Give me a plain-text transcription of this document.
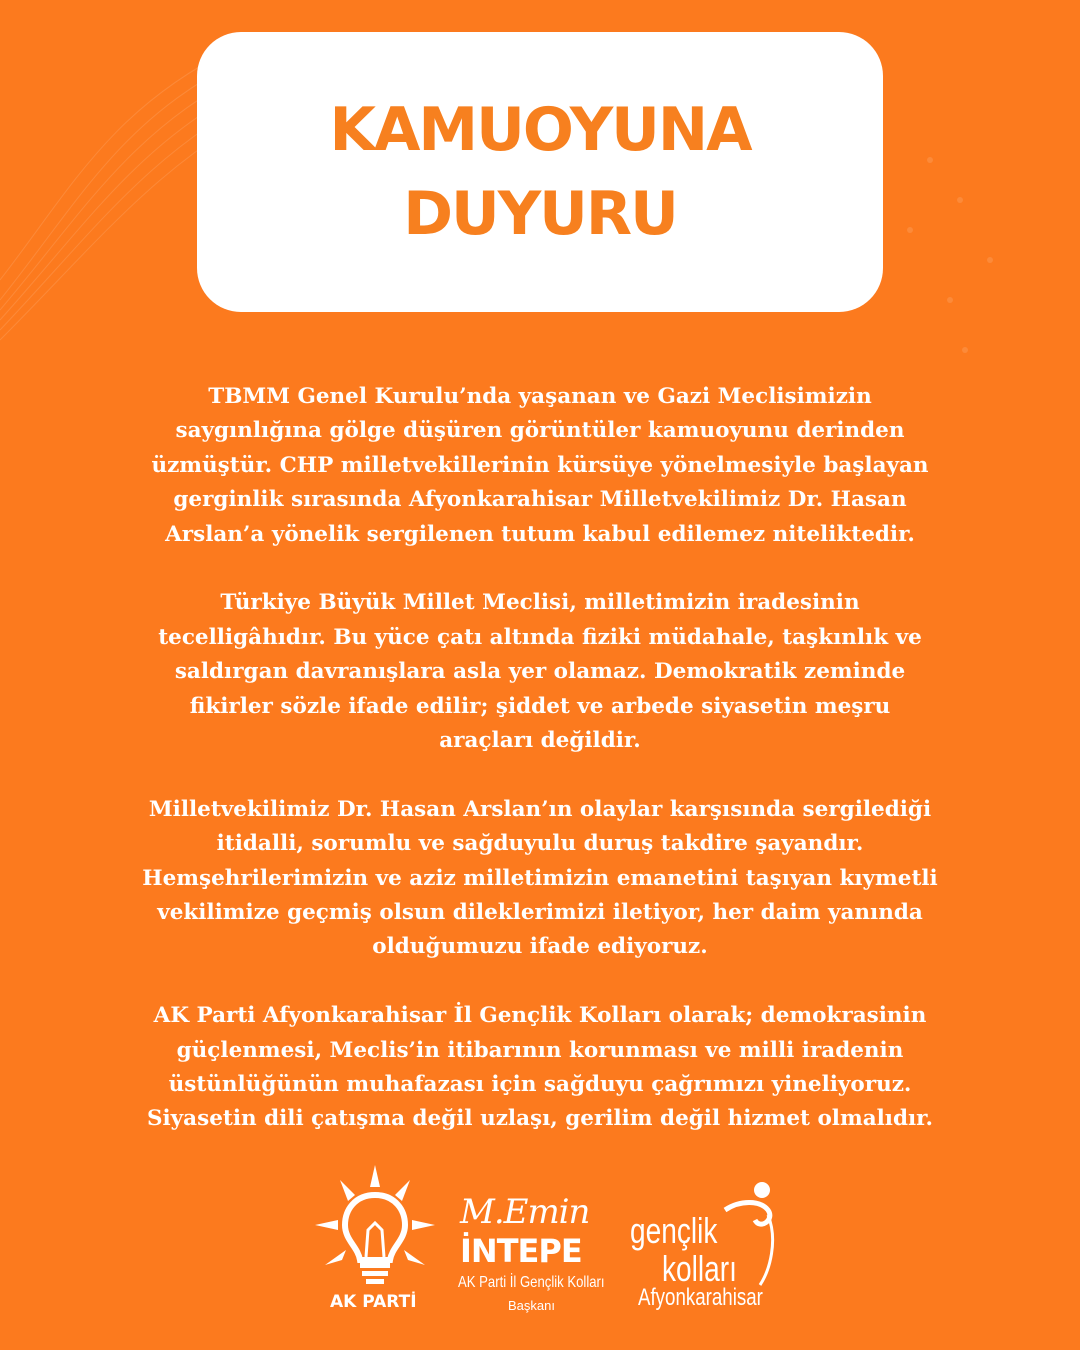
KAMUOYUNA
DUYURU
TBMM Genel Kurulu’nda yaşanan ve Gazi Meclisimizin
saygınlığına gölge düşüren görüntüler kamuoyunu derinden
üzmüştür. CHP milletvekillerinin kürsüye yönelmesiyle başlayan
gerginlik sırasında Afyonkarahisar Milletvekilimiz Dr. Hasan
Arslan’a yönelik sergilenen tutum kabul edilemez niteliktedir.
Türkiye Büyük Millet Meclisi, milletimizin iradesinin
tecelligâhıdır. Bu yüce çatı altında fiziki müdahale, taşkınlık ve
saldırgan davranışlara asla yer olamaz. Demokratik zeminde
fikirler sözle ifade edilir; şiddet ve arbede siyasetin meşru
araçları değildir.
Milletvekilimiz Dr. Hasan Arslan’ın olaylar karşısında sergilediği
itidalli, sorumlu ve sağduyulu duruş takdire şayandır.
Hemşehrilerimizin ve aziz milletimizin emanetini taşıyan kıymetli
vekilimize geçmiş olsun dileklerimizi iletiyor, her daim yanında
olduğumuzu ifade ediyoruz.
AK Parti Afyonkarahisar İl Gençlik Kolları olarak; demokrasinin
güçlenmesi, Meclis’in itibarının korunması ve milli iradenin
üstünlüğünün muhafazası için sağduyu çağrımızı yineliyoruz.
Siyasetin dili çatışma değil uzlaşı, gerilim değil hizmet olmalıdır.
AK PARTİ
M.Emin
İNTEPE
AK Parti İl Gençlik Kolları
Başkanı
gençlik
kolları
Afyonkarahisar
